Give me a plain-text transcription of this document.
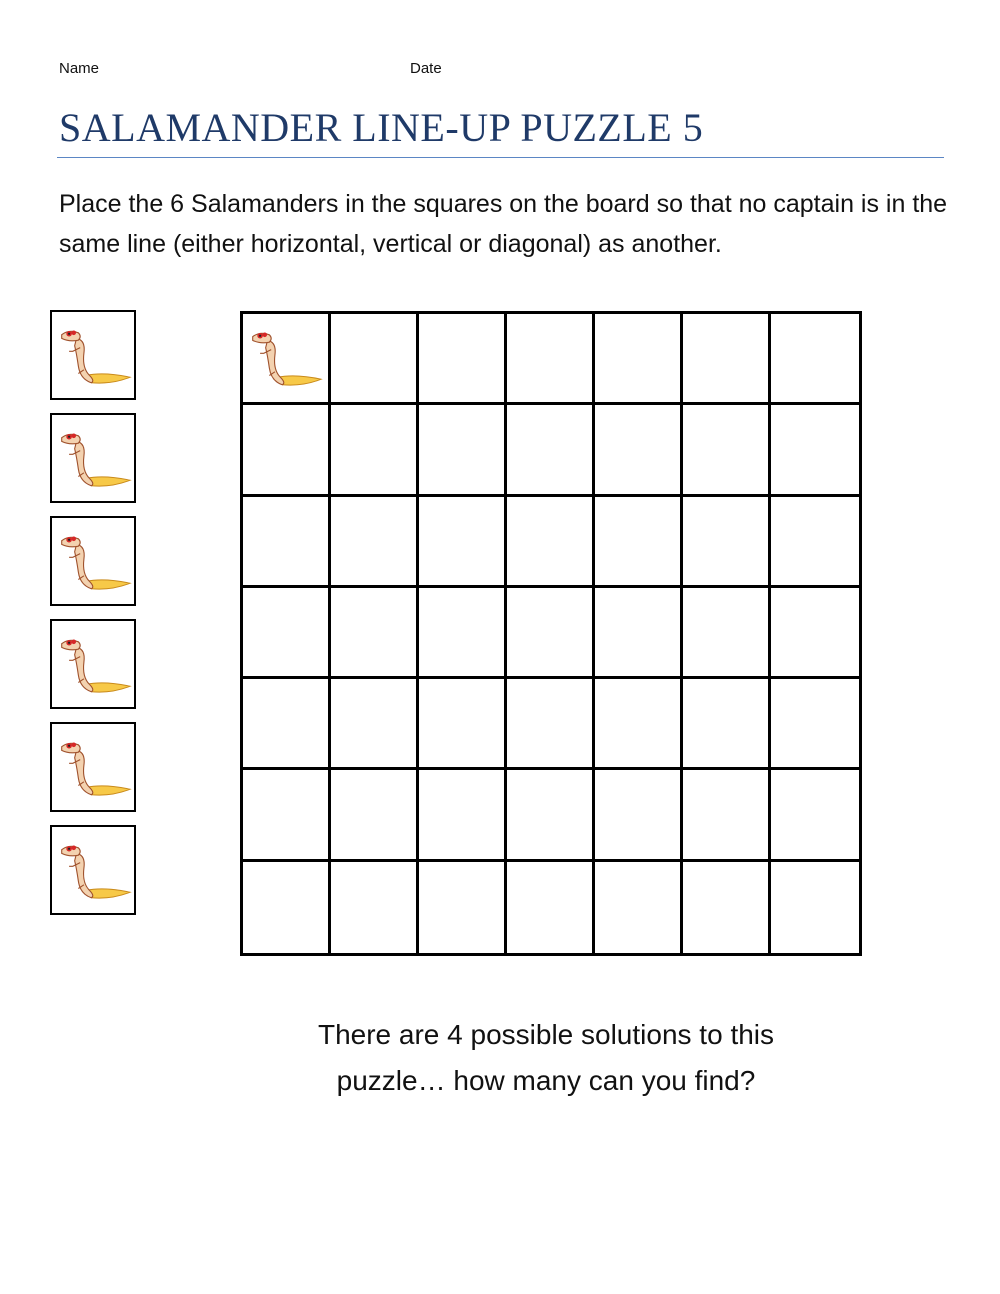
Name	Date
SALAMANDER LINE-UP PUZZLE 5
Place the 6 Salamanders in the squares on the board so that no captain is in the same line (either horizontal, vertical or diagonal) as another.
There are 4 possible solutions to this
puzzle… how many can you find?
